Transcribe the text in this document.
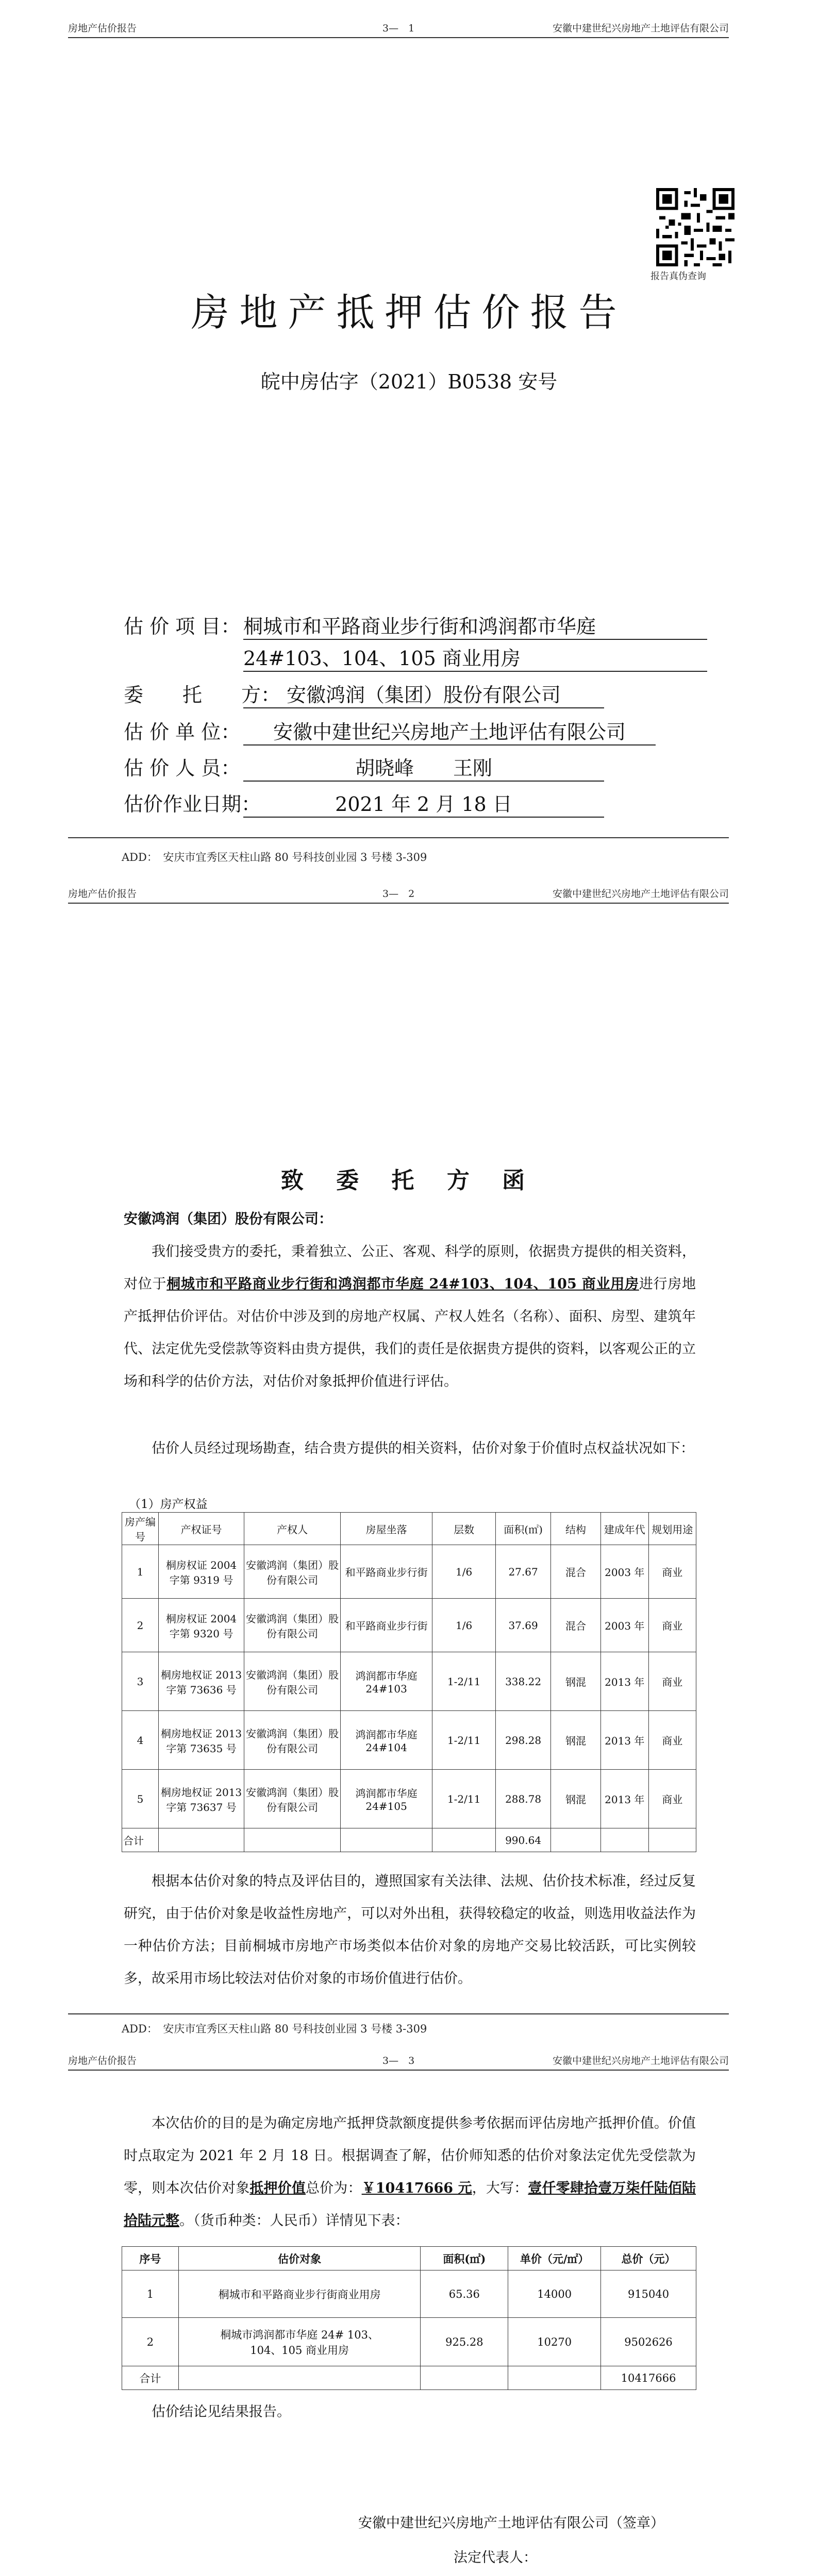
房地产估价报告	3—　1	安徽中建世纪兴房地产土地评估有限公司
报告真伪查询
房地产抵押估价报告
皖中房估字（2021）B0538 安号
估 价 项 目： 桐城市和平路商业步行街和鸿润都市华庭
24#103、104、105 商业用房
委　　托　　方： 安徽鸿润（集团）股份有限公司
估 价 单 位：	安徽中建世纪兴房地产土地评估有限公司
估 价 人 员：	胡晓峰　　王刚
估价作业日期：	2021 年 2 月 18 日
ADD：　安庆市宜秀区天柱山路 80 号科技创业园 3 号楼 3-309
房地产估价报告	3—　2	安徽中建世纪兴房地产土地评估有限公司
致 委 托 方 函
安徽鸿润（集团）股份有限公司：
我们接受贵方的委托，秉着独立、公正、客观、科学的原则，依据贵方提供的相关资料，对位于桐城市和平路商业步行街和鸿润都市华庭 24#103、104、105 商业用房进行房地产抵押估价评估。对估价中涉及到的房地产权属、产权人姓名（名称）、面积、房型、建筑年代、法定优先受偿款等资料由贵方提供，我们的责任是依据贵方提供的资料，以客观公正的立场和科学的估价方法，对估价对象抵押价值进行评估。
估价人员经过现场勘查，结合贵方提供的相关资料，估价对象于价值时点权益状况如下：
（1）房产权益
房产编号	产权证号	产权人	房屋坐落	层数	面积(㎡)	结构	建成年代	规划用途
1	桐房权证 2004 字第 9319 号	安徽鸿润（集团）股份有限公司	和平路商业步行街	1/6	27.67	混合	2003 年	商业
2	桐房权证 2004 字第 9320 号	安徽鸿润（集团）股份有限公司	和平路商业步行街	1/6	37.69	混合	2003 年	商业
3	桐房地权证 2013 字第 73636 号	安徽鸿润（集团）股份有限公司	鸿润都市华庭 24#103	1-2/11	338.22	钢混	2013 年	商业
4	桐房地权证 2013 字第 73635 号	安徽鸿润（集团）股份有限公司	鸿润都市华庭 24#104	1-2/11	298.28	钢混	2013 年	商业
5	桐房地权证 2013 字第 73637 号	安徽鸿润（集团）股份有限公司	鸿润都市华庭 24#105	1-2/11	288.78	钢混	2013 年	商业
合计					990.64			
根据本估价对象的特点及评估目的，遵照国家有关法律、法规、估价技术标准，经过反复研究，由于估价对象是收益性房地产，可以对外出租，获得较稳定的收益，则选用收益法作为一种估价方法；目前桐城市房地产市场类似本估价对象的房地产交易比较活跃，可比实例较多，故采用市场比较法对估价对象的市场价值进行估价。
ADD：　安庆市宜秀区天柱山路 80 号科技创业园 3 号楼 3-309
房地产估价报告	3—　3	安徽中建世纪兴房地产土地评估有限公司
本次估价的目的是为确定房地产抵押贷款额度提供参考依据而评估房地产抵押价值。价值时点取定为 2021 年 2 月 18 日。根据调查了解，估价师知悉的估价对象法定优先受偿款为零，则本次估价对象抵押价值总价为：￥10417666 元，大写：壹仟零肆拾壹万柒仟陆佰陆拾陆元整。（货币种类：人民币）详情见下表：
序号	估价对象	面积(㎡)	单价（元/㎡）	总价（元）
1	桐城市和平路商业步行街商业用房	65.36	14000	915040
2	桐城市鸿润都市华庭 24# 103、104、105 商业用房	925.28	10270	9502626
合计				10417666
估价结论见结果报告。
安徽中建世纪兴房地产土地评估有限公司（签章）
法定代表人：
